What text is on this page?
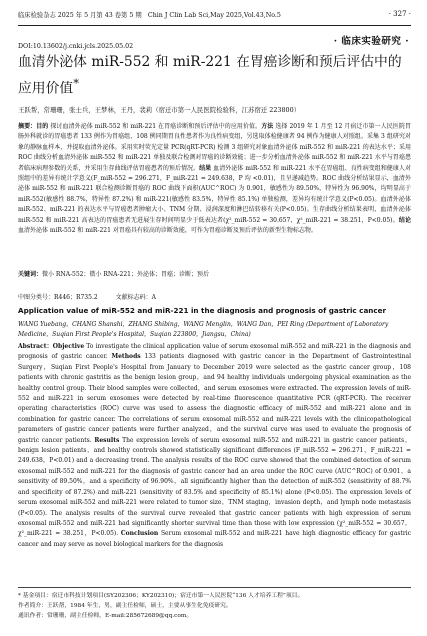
临床检验杂志 2025 年 5 月第 43 卷第 5 期　Chin J Clin Lab Sci,May 2025,Vol.43,No.5	· 327 ·
· 临床实验研究 ·
DOI:10.13602/j.cnki.jcls.2025.05.02
血清外泌体 miR-552 和 miR-221 在胃癌诊断和预后评估中的应用价值*
王跃帮，常珊珊，张士兵，王梦林，王丹，裴莉（宿迁市第一人民医院检验科，江苏宿迁 223800）
摘要：目的 探讨血清外泌体 miR-552 和 miR-221 在胃癌诊断和预后评估中的应用价值。方法 选择 2019 年 1 月至 12 月宿迁市第一人民医院胃肠外科就诊的胃癌患者 133 例作为胃癌组，108 例同期胃良性患者作为良性病变组，另选取体检健康者 94 例作为健康人对照组。采集 3 组研究对象的静脉血样本，并提取血清外泌体。采用实时荧光定量 PCR(qRT-PCR) 检测 3 组研究对象血清外泌体 miR-552 和 miR-221 的表达水平；采用 ROC 曲线分析血清外泌体 miR-552 和 miR-221 单独及联合检测对胃癌的诊断效能；进一步分析血清外泌体 miR-552 和 miR-221 水平与胃癌患者临床病理参数的关系，并采用生存曲线评估胃癌患者的预后情况。结果 血清外泌体 miR-552 和 miR-221 水平在胃癌组、良性病变组和健康人对照组中的差异有统计学意义(F_miR-552 = 296.271，F_miR-221 = 249.638，P 均 <0.01)，且呈递减趋势。ROC 曲线分析结果显示，血清外泌体 miR-552 和 miR-221 联合检测诊断胃癌的 ROC 曲线下面积(AUC^ROC) 为 0.901，敏感性为 89.50%，特异性为 96.90%，均明显高于 miR-552(敏感性 88.7%，特异性 87.2%) 和 miR-221(敏感性 83.5%，特异性 85.1%) 单独检测，差异均有统计学意义(P<0.05)。血清外泌体 miR-552、miR-221 的表达水平与胃癌患者肿瘤大小、TNM 分期、浸润深度和淋巴结转移有关(P<0.05)。生存曲线分析结果表明，血清外泌体 miR-552 和 miR-221 高表达的胃癌患者无进展生存时间明显少于低表达者(χ²_miR-552 = 30.657，χ²_miR-221 = 38.251，P<0.05)。结论 血清外泌体 miR-552 和 miR-221 对胃癌具有较高的诊断效能，可作为胃癌诊断及预后评估的新型生物标志物。
关键词：微小 RNA-552；微小 RNA-221；外泌体；胃癌；诊断；预后
中图分类号：R446；R735.2	文献标志码：A
Application value of miR-552 and miR-221 in the diagnosis and prognosis of gastric cancer
WANG Yuebang，CHANG Shanshi，ZHANG Shibing，WANG Menglin，WANG Dan，PEI Ring (Department of Laboratory Medicine，Suqian First People's Hospital，Suqian 223800，Jiangsu，China)
Abstract：Objective To investigate the clinical application value of serum exosomal miR-552 and miR-221 in the diagnosis and prognosis of gastric cancer. Methods 133 patients diagnosed with gastric cancer in the Department of Gastrointestinal Surgery，Suqian First People's Hospital from January to December 2019 were selected as the gastric cancer group，108 patients with chronic gastritis as the benign lesion group，and 94 healthy individuals undergoing physical examination as the healthy control group. Their blood samples were collected，and serum exosomes were extracted. The expression levels of miR-552 and miR-221 in serum exosomes were detected by real-time fluorescence quantitative PCR (qRT-PCR). The receiver operating characteristics (ROC) curve was used to assess the diagnostic efficacy of miR-552 and miR-221 alone and in combination for gastric cancer. The correlations of serum exosomal miR-552 and miR-221 levels with the clinicopathological parameters of gastric cancer patients were further analyzed，and the survival curve was used to evaluate the prognosis of gastric cancer patients. Results The expression levels of serum exosomal miR-552 and miR-221 in gastric cancer patients，benign lesion patients，and healthy controls showed statistically significant differences (F_miR-552 = 296.271，F_miR-221 = 249.638，P<0.01) and a decreasing trend. The analysis results of the ROC curve showed that the combined detection of serum exosomal miR-552 and miR-221 for the diagnosis of gastric cancer had an area under the ROC curve (AUC^ROC) of 0.901，a sensitivity of 89.50%，and a specificity of 96.90%，all significantly higher than the detection of miR-552 (sensitivity of 88.7% and specificity of 87.2%) and miR-221 (sensitivity of 83.5% and specificity of 85.1%) alone (P<0.05). The expression levels of serum exosomal miR-552 and miR-221 were related to tumor size，TNM staging，invasion depth，and lymph node metastasis (P<0.05). The analysis results of the survival curve revealed that gastric cancer patients with high expression of serum exosomal miR-552 and miR-221 had significantly shorter survival time than those with low expression (χ²_miR-552 = 30.657，χ²_miR-221 = 38.251，P<0.05). Conclusion Serum exosomal miR-552 and miR-221 have high diagnostic efficacy for gastric cancer and may serve as novel biological markers for the diagnosis
* 基金项目：宿迁市科技计划项目(SY202306；KY202310)；宿迁市第一人民医院“136 人才培养工程”项目。
作者简介：王跃帮，1984 年生，男，副主任检师，硕士，主要从事生化免疫研究。
通讯作者：常珊珊，副主任检师，E-mail:285672689@qq.com。
